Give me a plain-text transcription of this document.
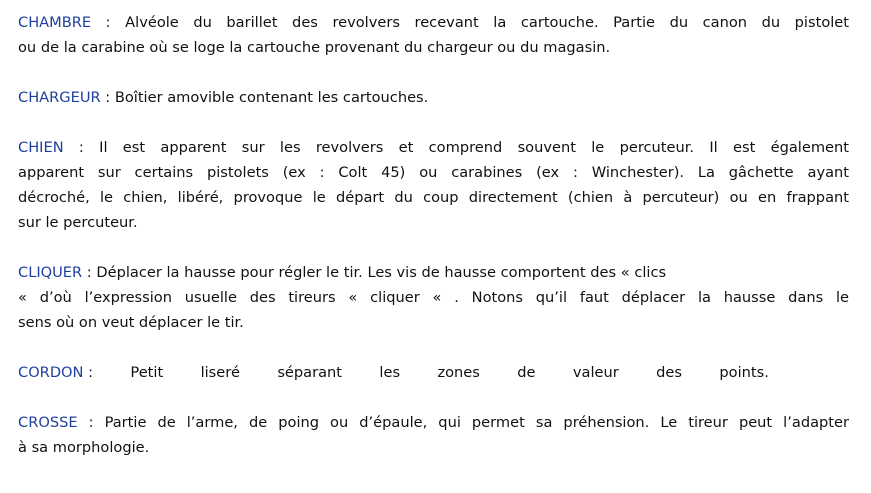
CHAMBRE : Alvéole du barillet des revolvers recevant la cartouche. Partie du canon du pistolet
ou de la carabine où se loge la cartouche provenant du chargeur ou du magasin.

CHARGEUR : Boîtier amovible contenant les cartouches.

CHIEN : Il est apparent sur les revolvers et comprend souvent le percuteur. Il est également
apparent sur certains pistolets (ex : Colt 45) ou carabines (ex : Winchester). La gâchette ayant
décroché, le chien, libéré, provoque le départ du coup directement (chien à percuteur) ou en frappant
sur le percuteur.

CLIQUER : Déplacer la hausse pour régler le tir. Les vis de hausse comportent des « clics
« d’où l’expression usuelle des tireurs « cliquer « . Notons qu’il faut déplacer la hausse dans le
sens où on veut déplacer le tir.

CORDON :	Petit	liseré	séparant	les	zones	de	valeur	des	points.

CROSSE : Partie de l’arme, de poing ou d’épaule, qui permet sa préhension. Le tireur peut l’adapter
à sa morphologie.
